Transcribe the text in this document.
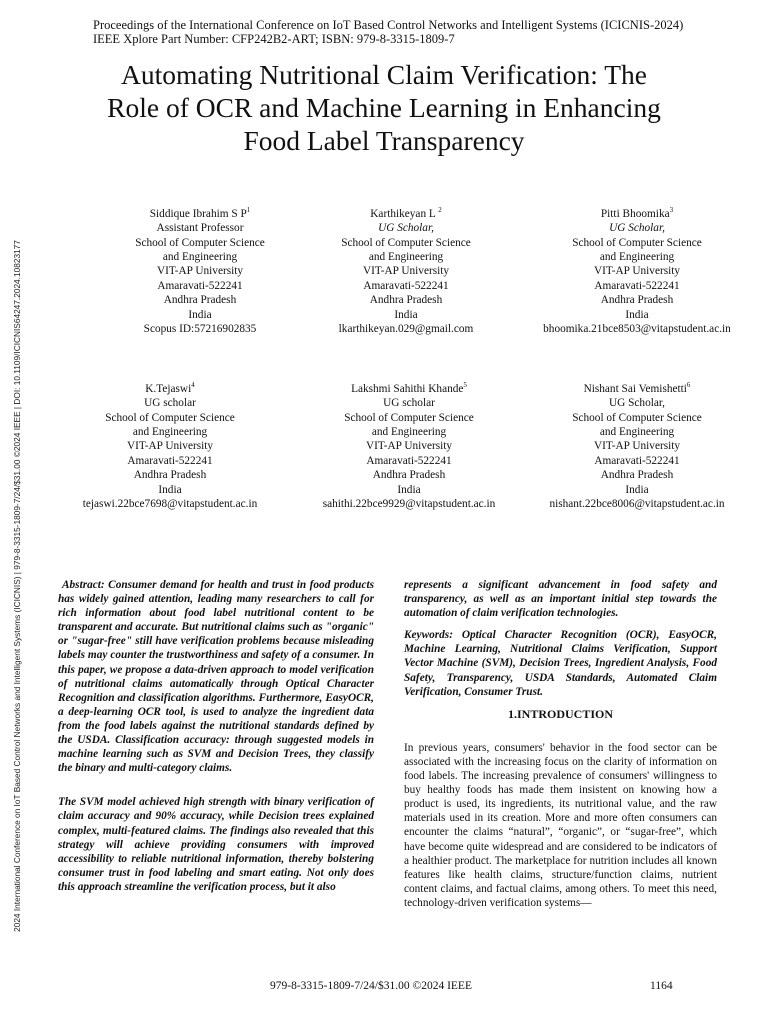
Proceedings of the International Conference on IoT Based Control Networks and Intelligent Systems (ICICNIS-2024)
IEEE Xplore Part Number: CFP242B2-ART; ISBN: 979-8-3315-1809-7
Automating Nutritional Claim Verification: The Role of OCR and Machine Learning in Enhancing Food Label Transparency
2024 International Conference on IoT Based Control Networks and Intelligent Systems (ICICNIS) | 979-8-3315-1809-7/24/$31.00 ©2024 IEEE | DOI: 10.1109/ICICNIS64247.2024.10823177
Siddique Ibrahim S $P^1$
Assistant Professor
School of Computer Science
and Engineering
VIT-AP University
Amaravati-522241
Andhra Pradesh
India
Scopus ID:57216902835
Karthikeyan L $^2$
UG Scholar,
School of Computer Science
and Engineering
VIT-AP University
Amaravati-522241
Andhra Pradesh
India
lkarthikeyan.029@gmail.com
Pitti Bhoomika$^3$
UG Scholar,
School of Computer Science
and Engineering
VIT-AP University
Amaravati-522241
Andhra Pradesh
India
bhoomika.21bce8503@vitapstudent.ac.in
K.Tejaswi$^4$
UG scholar
School of Computer Science
and Engineering
VIT-AP University
Amaravati-522241
Andhra Pradesh
India
tejaswi.22bce7698@vitapstudent.ac.in
Lakshmi Sahithi Khande$^5$
UG scholar
School of Computer Science
and Engineering
VIT-AP University
Amaravati-522241
Andhra Pradesh
India
sahithi.22bce9929@vitapstudent.ac.in
Nishant Sai Vemishetti$^6$
UG Scholar,
School of Computer Science
and Engineering
VIT-AP University
Amaravati-522241
Andhra Pradesh
India
nishant.22bce8006@vitapstudent.ac.in

Abstract: Consumer demand for health and trust in food products has widely gained attention, leading many researchers to call for rich information about food label nutritional content to be transparent and accurate. But nutritional claims such as "organic" or "sugar-free" still have verification problems because misleading labels may counter the trustworthiness and safety of a consumer. In this paper, we propose a data-driven approach to model verification of nutritional claims automatically through Optical Character Recognition and classification algorithms. Furthermore, EasyOCR, a deep-learning OCR tool, is used to analyze the ingredient data from the food labels against the nutritional standards defined by the USDA. Classification accuracy: through suggested models in machine learning such as SVM and Decision Trees, they classify the binary and multi-category claims.

The SVM model achieved high strength with binary verification of claim accuracy and 90% accuracy, while Decision trees explained complex, multi-featured claims. The findings also revealed that this strategy will achieve providing consumers with improved accessibility to reliable nutritional information, thereby bolstering consumer trust in food labeling and smart eating. Not only does this approach streamline the verification process, but it also

represents a significant advancement in food safety and transparency, as well as an important initial step towards the automation of claim verification technologies.

Keywords: Optical Character Recognition (OCR), EasyOCR, Machine Learning, Nutritional Claims Verification, Support Vector Machine (SVM), Decision Trees, Ingredient Analysis, Food Safety, Transparency, USDA Standards, Automated Claim Verification, Consumer Trust.

1.INTRODUCTION

In previous years, consumers' behavior in the food sector can be associated with the increasing focus on the clarity of information on food labels. The increasing prevalence of consumers' willingness to buy healthy foods has made them insistent on knowing how a product is used, its ingredients, its nutritional value, and the raw materials used in its creation. More and more often consumers can encounter the claims “natural”, “organic”, or “sugar-free”, which have become quite widespread and are considered to be indicators of a healthier product. The marketplace for nutrition includes all known features like health claims, structure/function claims, nutrient content claims, and factual claims, among others. To meet this need, technology-driven verification systems—

979-8-3315-1809-7/24/$31.00 ©2024 IEEE	1164
